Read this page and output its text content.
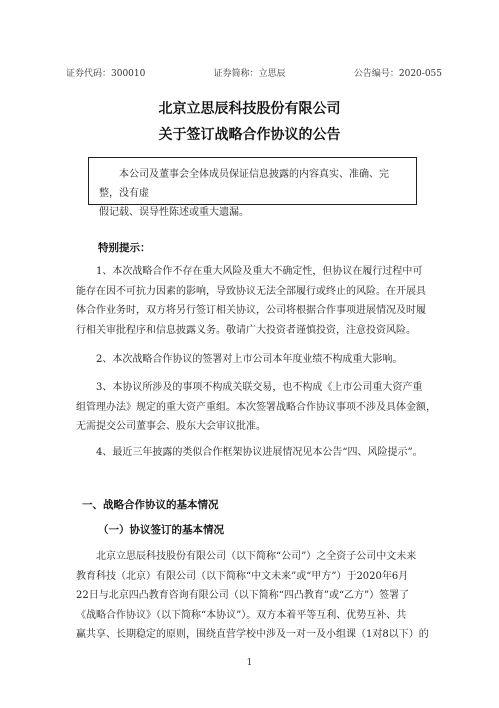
证券代码：300010	证券简称：立思辰	公告编号：2020-055
北京立思辰科技股份有限公司
关于签订战略合作协议的公告
本公司及董事会全体成员保证信息披露的内容真实、准确、完整，没有虚
假记载、误导性陈述或重大遗漏。
特别提示：
1、本次战略合作不存在重大风险及重大不确定性，但协议在履行过程中可
能存在因不可抗力因素的影响，导致协议无法全部履行或终止的风险。在开展具
体合作业务时，双方将另行签订相关协议，公司将根据合作事项进展情况及时履
行相关审批程序和信息披露义务。敬请广大投资者谨慎投资，注意投资风险。
2、本次战略合作协议的签署对上市公司本年度业绩不构成重大影响。
3、本协议所涉及的事项不构成关联交易，也不构成《上市公司重大资产重
组管理办法》规定的重大资产重组。本次签署战略合作协议事项不涉及具体金额，
无需提交公司董事会、股东大会审议批准。
4、最近三年披露的类似合作框架协议进展情况见本公告“四、风险提示”。
一、战略合作协议的基本情况
（一）协议签订的基本情况
北京立思辰科技股份有限公司（以下简称“公司”）之全资子公司中文未来
教育科技（北京）有限公司（以下简称“中文未来”或“甲方”）于2020年6月
22日与北京四凸教育咨询有限公司（以下简称“四凸教育”或“乙方”）签署了
《战略合作协议》（以下简称“本协议”）。双方本着平等互利、优势互补、共
赢共享、长期稳定的原则，围绕直营学校中涉及一对一及小组课（1对8以下）的
1
